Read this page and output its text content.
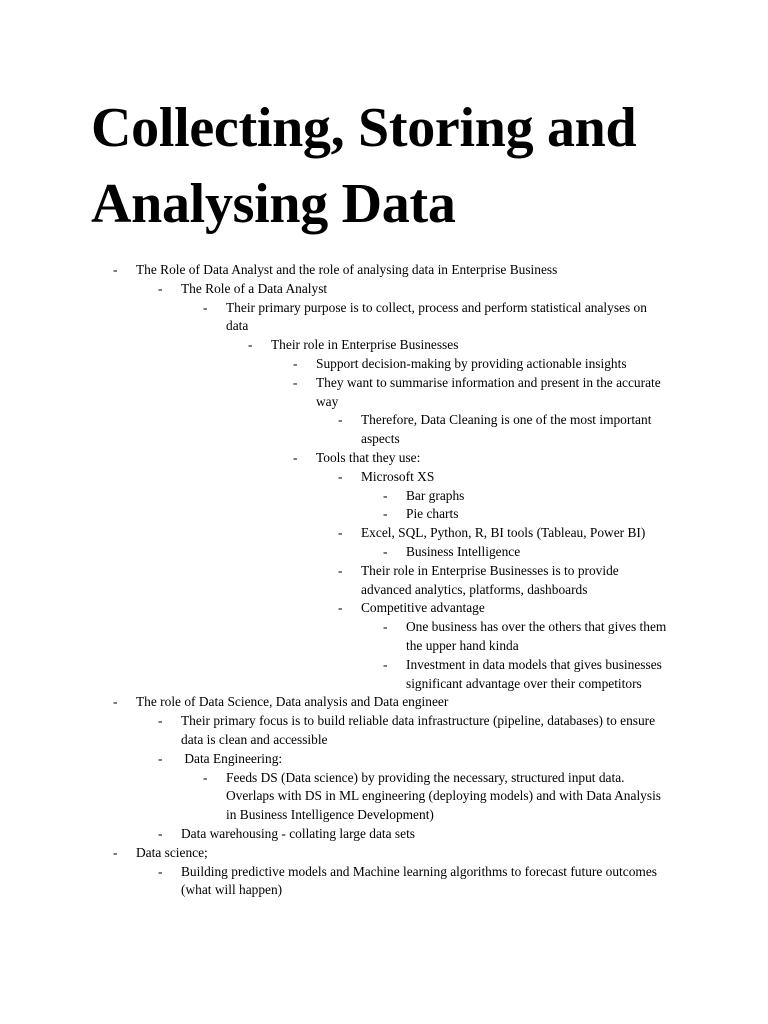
Collecting, Storing and
Analysing Data
- The Role of Data Analyst and the role of analysing data in Enterprise Business
- The Role of a Data Analyst
- Their primary purpose is to collect, process and perform statistical analyses on
data
- Their role in Enterprise Businesses
- Support decision-making by providing actionable insights
- They want to summarise information and present in the accurate
way
- Therefore, Data Cleaning is one of the most important
aspects
- Tools that they use:
- Microsoft XS
- Bar graphs
- Pie charts
- Excel, SQL, Python, R, BI tools (Tableau, Power BI)
- Business Intelligence
- Their role in Enterprise Businesses is to provide
advanced analytics, platforms, dashboards
- Competitive advantage
- One business has over the others that gives them
the upper hand kinda
- Investment in data models that gives businesses
significant advantage over their competitors
- The role of Data Science, Data analysis and Data engineer
- Their primary focus is to build reliable data infrastructure (pipeline, databases) to ensure
data is clean and accessible
- Data Engineering:
- Feeds DS (Data science) by providing the necessary, structured input data.
Overlaps with DS in ML engineering (deploying models) and with Data Analysis
in Business Intelligence Development)
- Data warehousing - collating large data sets
- Data science;
- Building predictive models and Machine learning algorithms to forecast future outcomes
(what will happen)
